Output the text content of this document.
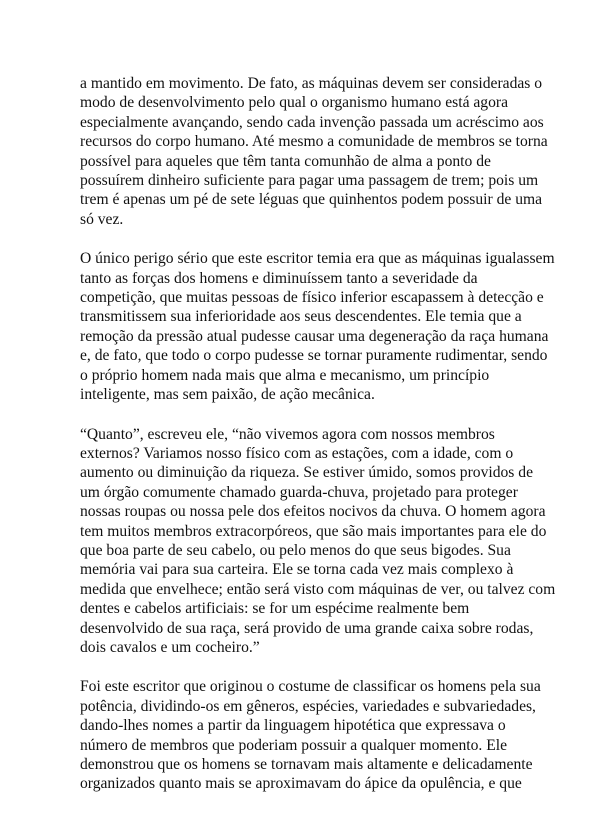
a mantido em movimento. De fato, as máquinas devem ser consideradas o
modo de desenvolvimento pelo qual o organismo humano está agora
especialmente avançando, sendo cada invenção passada um acréscimo aos
recursos do corpo humano. Até mesmo a comunidade de membros se torna
possível para aqueles que têm tanta comunhão de alma a ponto de
possuírem dinheiro suficiente para pagar uma passagem de trem; pois um
trem é apenas um pé de sete léguas que quinhentos podem possuir de uma
só vez.

O único perigo sério que este escritor temia era que as máquinas igualassem
tanto as forças dos homens e diminuíssem tanto a severidade da
competição, que muitas pessoas de físico inferior escapassem à detecção e
transmitissem sua inferioridade aos seus descendentes. Ele temia que a
remoção da pressão atual pudesse causar uma degeneração da raça humana
e, de fato, que todo o corpo pudesse se tornar puramente rudimentar, sendo
o próprio homem nada mais que alma e mecanismo, um princípio
inteligente, mas sem paixão, de ação mecânica.

“Quanto”, escreveu ele, “não vivemos agora com nossos membros
externos? Variamos nosso físico com as estações, com a idade, com o
aumento ou diminuição da riqueza. Se estiver úmido, somos providos de
um órgão comumente chamado guarda-chuva, projetado para proteger
nossas roupas ou nossa pele dos efeitos nocivos da chuva. O homem agora
tem muitos membros extracorpóreos, que são mais importantes para ele do
que boa parte de seu cabelo, ou pelo menos do que seus bigodes. Sua
memória vai para sua carteira. Ele se torna cada vez mais complexo à
medida que envelhece; então será visto com máquinas de ver, ou talvez com
dentes e cabelos artificiais: se for um espécime realmente bem
desenvolvido de sua raça, será provido de uma grande caixa sobre rodas,
dois cavalos e um cocheiro.”

Foi este escritor que originou o costume de classificar os homens pela sua
potência, dividindo-os em gêneros, espécies, variedades e subvariedades,
dando-lhes nomes a partir da linguagem hipotética que expressava o
número de membros que poderiam possuir a qualquer momento. Ele
demonstrou que os homens se tornavam mais altamente e delicadamente
organizados quanto mais se aproximavam do ápice da opulência, e que
